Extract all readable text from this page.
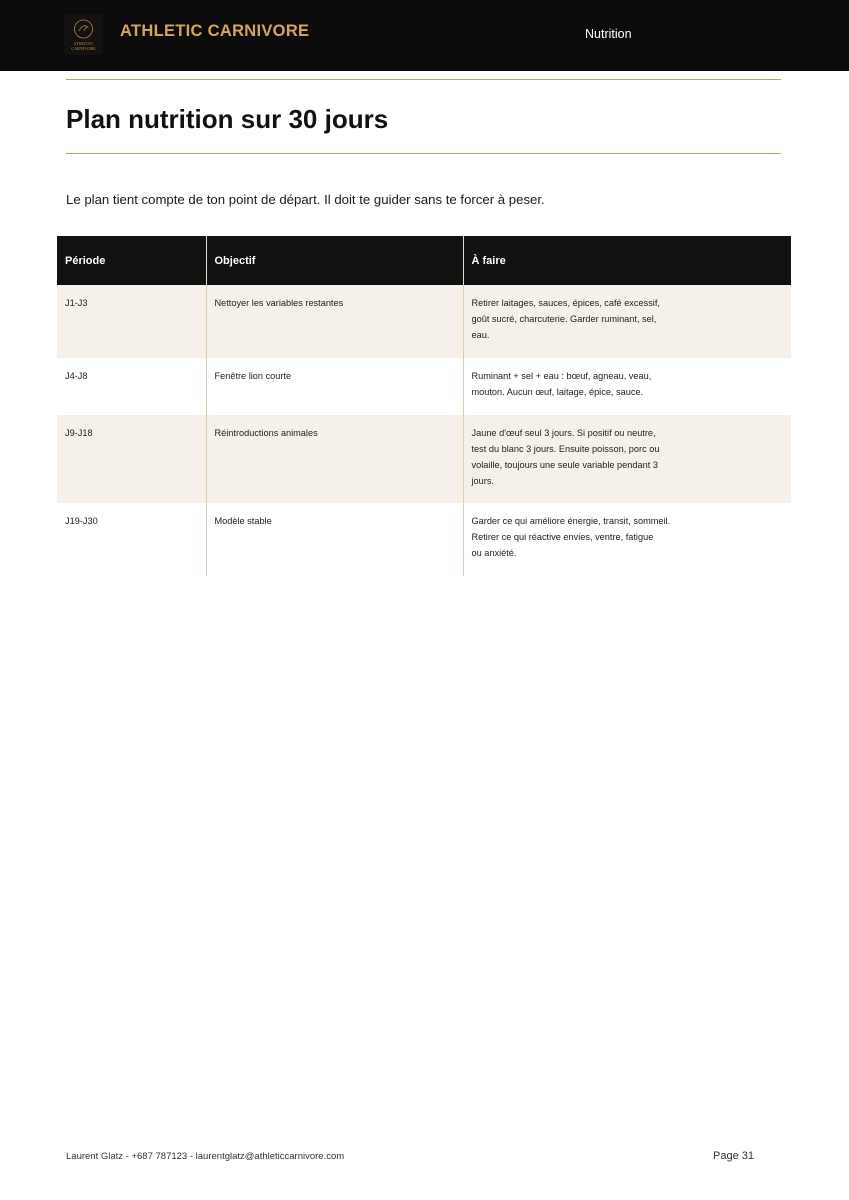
ATHLETIC
CARNIVORE
ATHLETIC CARNIVORE	Nutrition
Plan nutrition sur 30 jours

Le plan tient compte de ton point de départ. Il doit te guider sans te forcer à peser.

Période	Objectif	À faire
J1-J3	Nettoyer les variables restantes	Retirer laitages, sauces, épices, café excessif,
goût sucré, charcuterie. Garder ruminant, sel,
eau.

J4-J8	Fenêtre lion courte	Ruminant + sel + eau : bœuf, agneau, veau,
mouton. Aucun œuf, laitage, épice, sauce.

J9-J18	Réintroductions animales	Jaune d'œuf seul 3 jours. Si positif ou neutre,
test du blanc 3 jours. Ensuite poisson, porc ou
volaille, toujours une seule variable pendant 3
jours.

J19-J30	Modèle stable	Garder ce qui améliore énergie, transit, sommeil.
Retirer ce qui réactive envies, ventre, fatigue
ou anxiété.
Laurent Glatz - +687 787123 - laurentglatz@athleticcarnivore.com	Page 31
